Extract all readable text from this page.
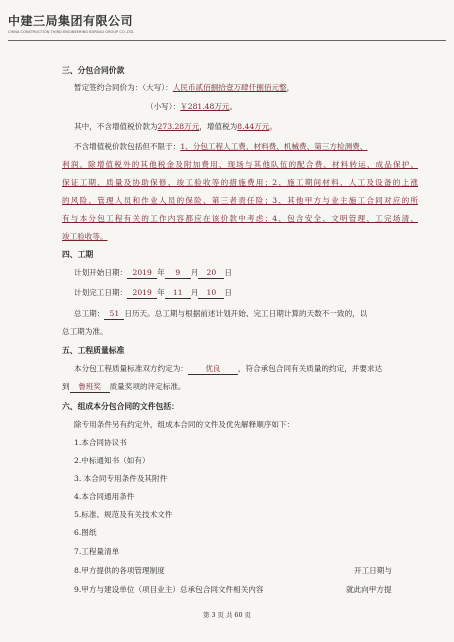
中建三局集团有限公司
CHINA CONSTRUCTION THIRD ENGINEERING BUREAU GROUP CO.,LTD.
三、分包合同价款
暂定签约合同价为：（大写）：人民币贰佰捌拾壹万肆仟捌佰元整，
（小写）：￥281.48万元。
其中，不含增值税价款为273.28万元，增值税为8.44万元。
不含增值税价款包括但不限于：1、分包工程人工费、材料费、机械费、第三方检测费、
利润、除增值税外的其他税金及附加费用、现场与其他队伍的配合费、材料转运、成品保护、
保证工期、质量及协助保修、竣工验收等的措施费用；2、施工期间材料、人工及设备的上涨
的风险、管理人员和作业人员的保险、第三者责任险；3、其他甲方与业主施工合同对应的所
有与本分包工程有关的工作内容都应在该价款中考虑；4、包含安全、文明管理、工完场清、
竣工验收等。
四、工期
计划开始日期： 2019 年 9 月 20 日
计划完工日期： 2019 年 11 月 10 日
总工期： 51 日历天。总工期与根据前述计划开始、完工日期计算的天数不一致的，以
总工期为准。
五、工程质量标准
本分包工程质量标准双方约定为： 优良 ，符合承包合同有关质量的约定，并要求达
到 鲁班奖 质量奖项的评定标准。
六、组成本分包合同的文件包括：
除专用条件另有约定外，组成本合同的文件及优先解释顺序如下：
1.本合同协议书
2.中标通知书（如有）
3. 本合同专用条件及其附件
4.本合同通用条件
5.标准、规范及有关技术文件
6.图纸
7.工程量清单
8.甲方提供的各项管理制度	开工日期与
9.甲方与建设单位（项目业主）总承包合同文件相关内容	就此向甲方提
第 3 页 共 60 页
